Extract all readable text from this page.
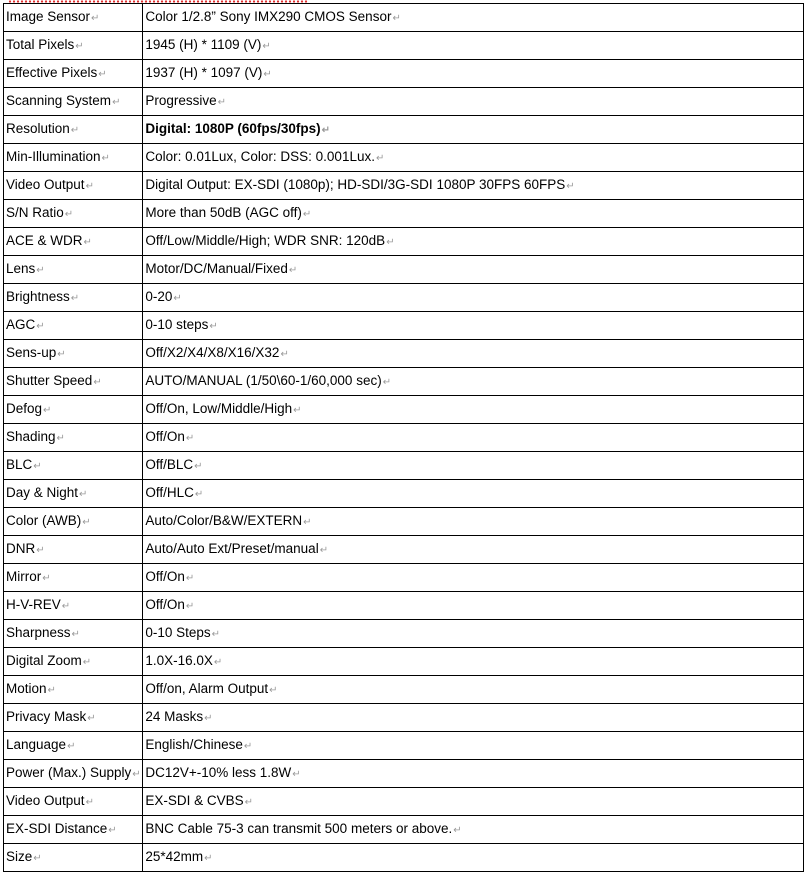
Image Sensor↵	Color 1/2.8” Sony IMX290 CMOS Sensor↵
Total Pixels↵	1945 (H) * 1109 (V)↵
Effective Pixels↵	1937 (H) * 1097 (V)↵
Scanning System↵	Progressive↵
Resolution↵	Digital: 1080P (60fps/30fps)↵
Min-Illumination↵	Color: 0.01Lux, Color: DSS: 0.001Lux.↵
Video Output↵	Digital Output: EX-SDI (1080p); HD-SDI/3G-SDI 1080P 30FPS 60FPS↵
S/N Ratio↵	More than 50dB (AGC off)↵
ACE & WDR↵	Off/Low/Middle/High; WDR SNR: 120dB↵
Lens↵	Motor/DC/Manual/Fixed↵
Brightness↵	0-20↵
AGC↵	0-10 steps↵
Sens-up↵	Off/X2/X4/X8/X16/X32↵
Shutter Speed↵	AUTO/MANUAL (1/50\60-1/60,000 sec)↵
Defog↵	Off/On, Low/Middle/High↵
Shading↵	Off/On↵
BLC↵	Off/BLC↵
Day & Night↵	Off/HLC↵
Color (AWB)↵	Auto/Color/B&W/EXTERN↵
DNR↵	Auto/Auto Ext/Preset/manual↵
Mirror↵	Off/On↵
H-V-REV↵	Off/On↵
Sharpness↵	0-10 Steps↵
Digital Zoom↵	1.0X-16.0X↵
Motion↵	Off/on, Alarm Output↵
Privacy Mask↵	24 Masks↵
Language↵	English/Chinese↵
Power (Max.) Supply↵	DC12V+-10% less 1.8W↵
Video Output↵	EX-SDI & CVBS↵
EX-SDI Distance↵	BNC Cable 75-3 can transmit 500 meters or above.↵
Size↵	25*42mm↵
